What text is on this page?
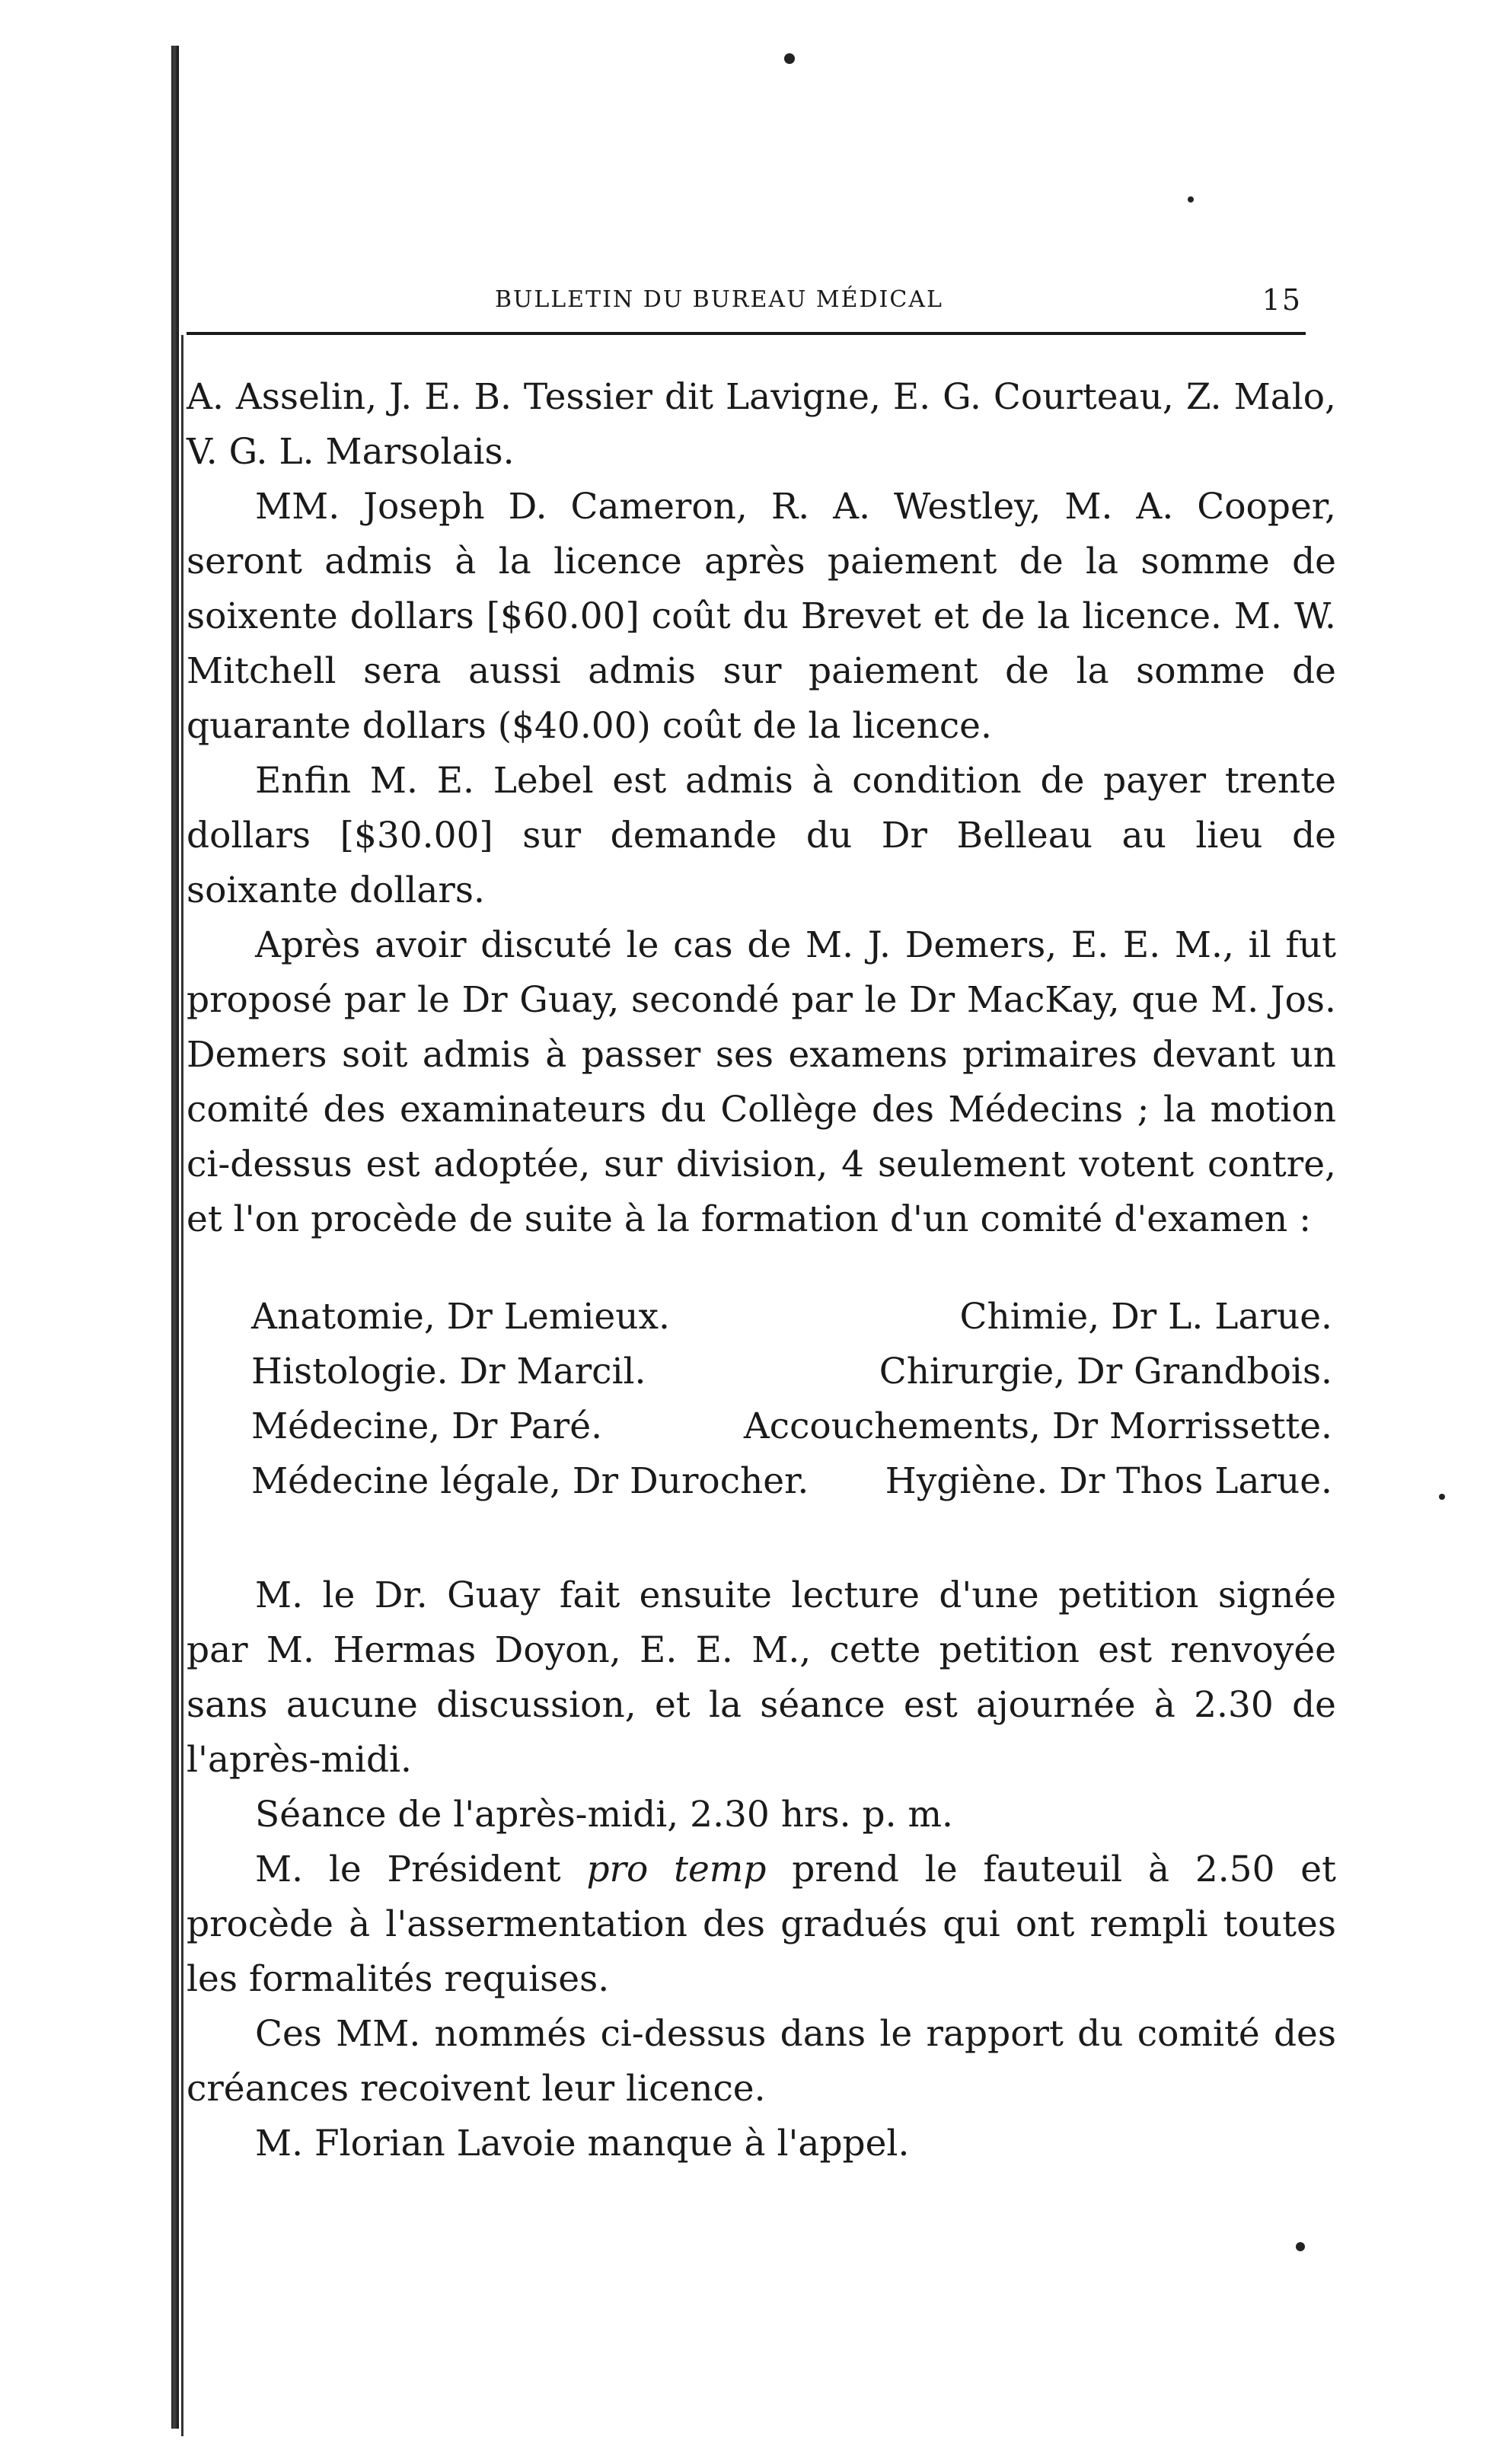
BULLETIN DU BUREAU MÉDICAL	15

A. Asselin, J. E. B. Tessier dit Lavigne, E. G. Courteau, Z. Malo, V. G. L. Marsolais.

MM. Joseph D. Cameron, R. A. Westley, M. A. Cooper, seront admis à la licence après paiement de la somme de soixente dollars [$60.00] coût du Brevet et de la licence. M. W. Mitchell sera aussi admis sur paiement de la somme de quarante dollars ($40.00) coût de la licence.

Enfin M. E. Lebel est admis à condition de payer trente dollars [$30.00] sur demande du Dr Belleau au lieu de soixante dollars.

Après avoir discuté le cas de M. J. Demers, E. E. M., il fut proposé par le Dr Guay, secondé par le Dr MacKay, que M. Jos. Demers soit admis à passer ses examens primaires devant un comité des examinateurs du Collège des Médecins ; la motion ci-dessus est adoptée, sur division, 4 seulement votent contre, et l'on procède de suite à la formation d'un comité d'examen :

Anatomie, Dr Lemieux.	Chimie, Dr L. Larue.
Histologie. Dr Marcil.	Chirurgie, Dr Grandbois.
Médecine, Dr Paré.	Accouchements, Dr Morrissette.
Médecine légale, Dr Durocher. Hygiène. Dr Thos Larue.

M. le Dr. Guay fait ensuite lecture d'une petition signée par M. Hermas Doyon, E. E. M., cette petition est renvoyée sans aucune discussion, et la séance est ajournée à 2.30 de l'après-midi.

Séance de l'après-midi, 2.30 hrs. p. m.

M. le Président pro temp prend le fauteuil à 2.50 et procède à l'assermentation des gradués qui ont rempli toutes les formalités requises.

Ces MM. nommés ci-dessus dans le rapport du comité des créances recoivent leur licence.

M. Florian Lavoie manque à l'appel.
